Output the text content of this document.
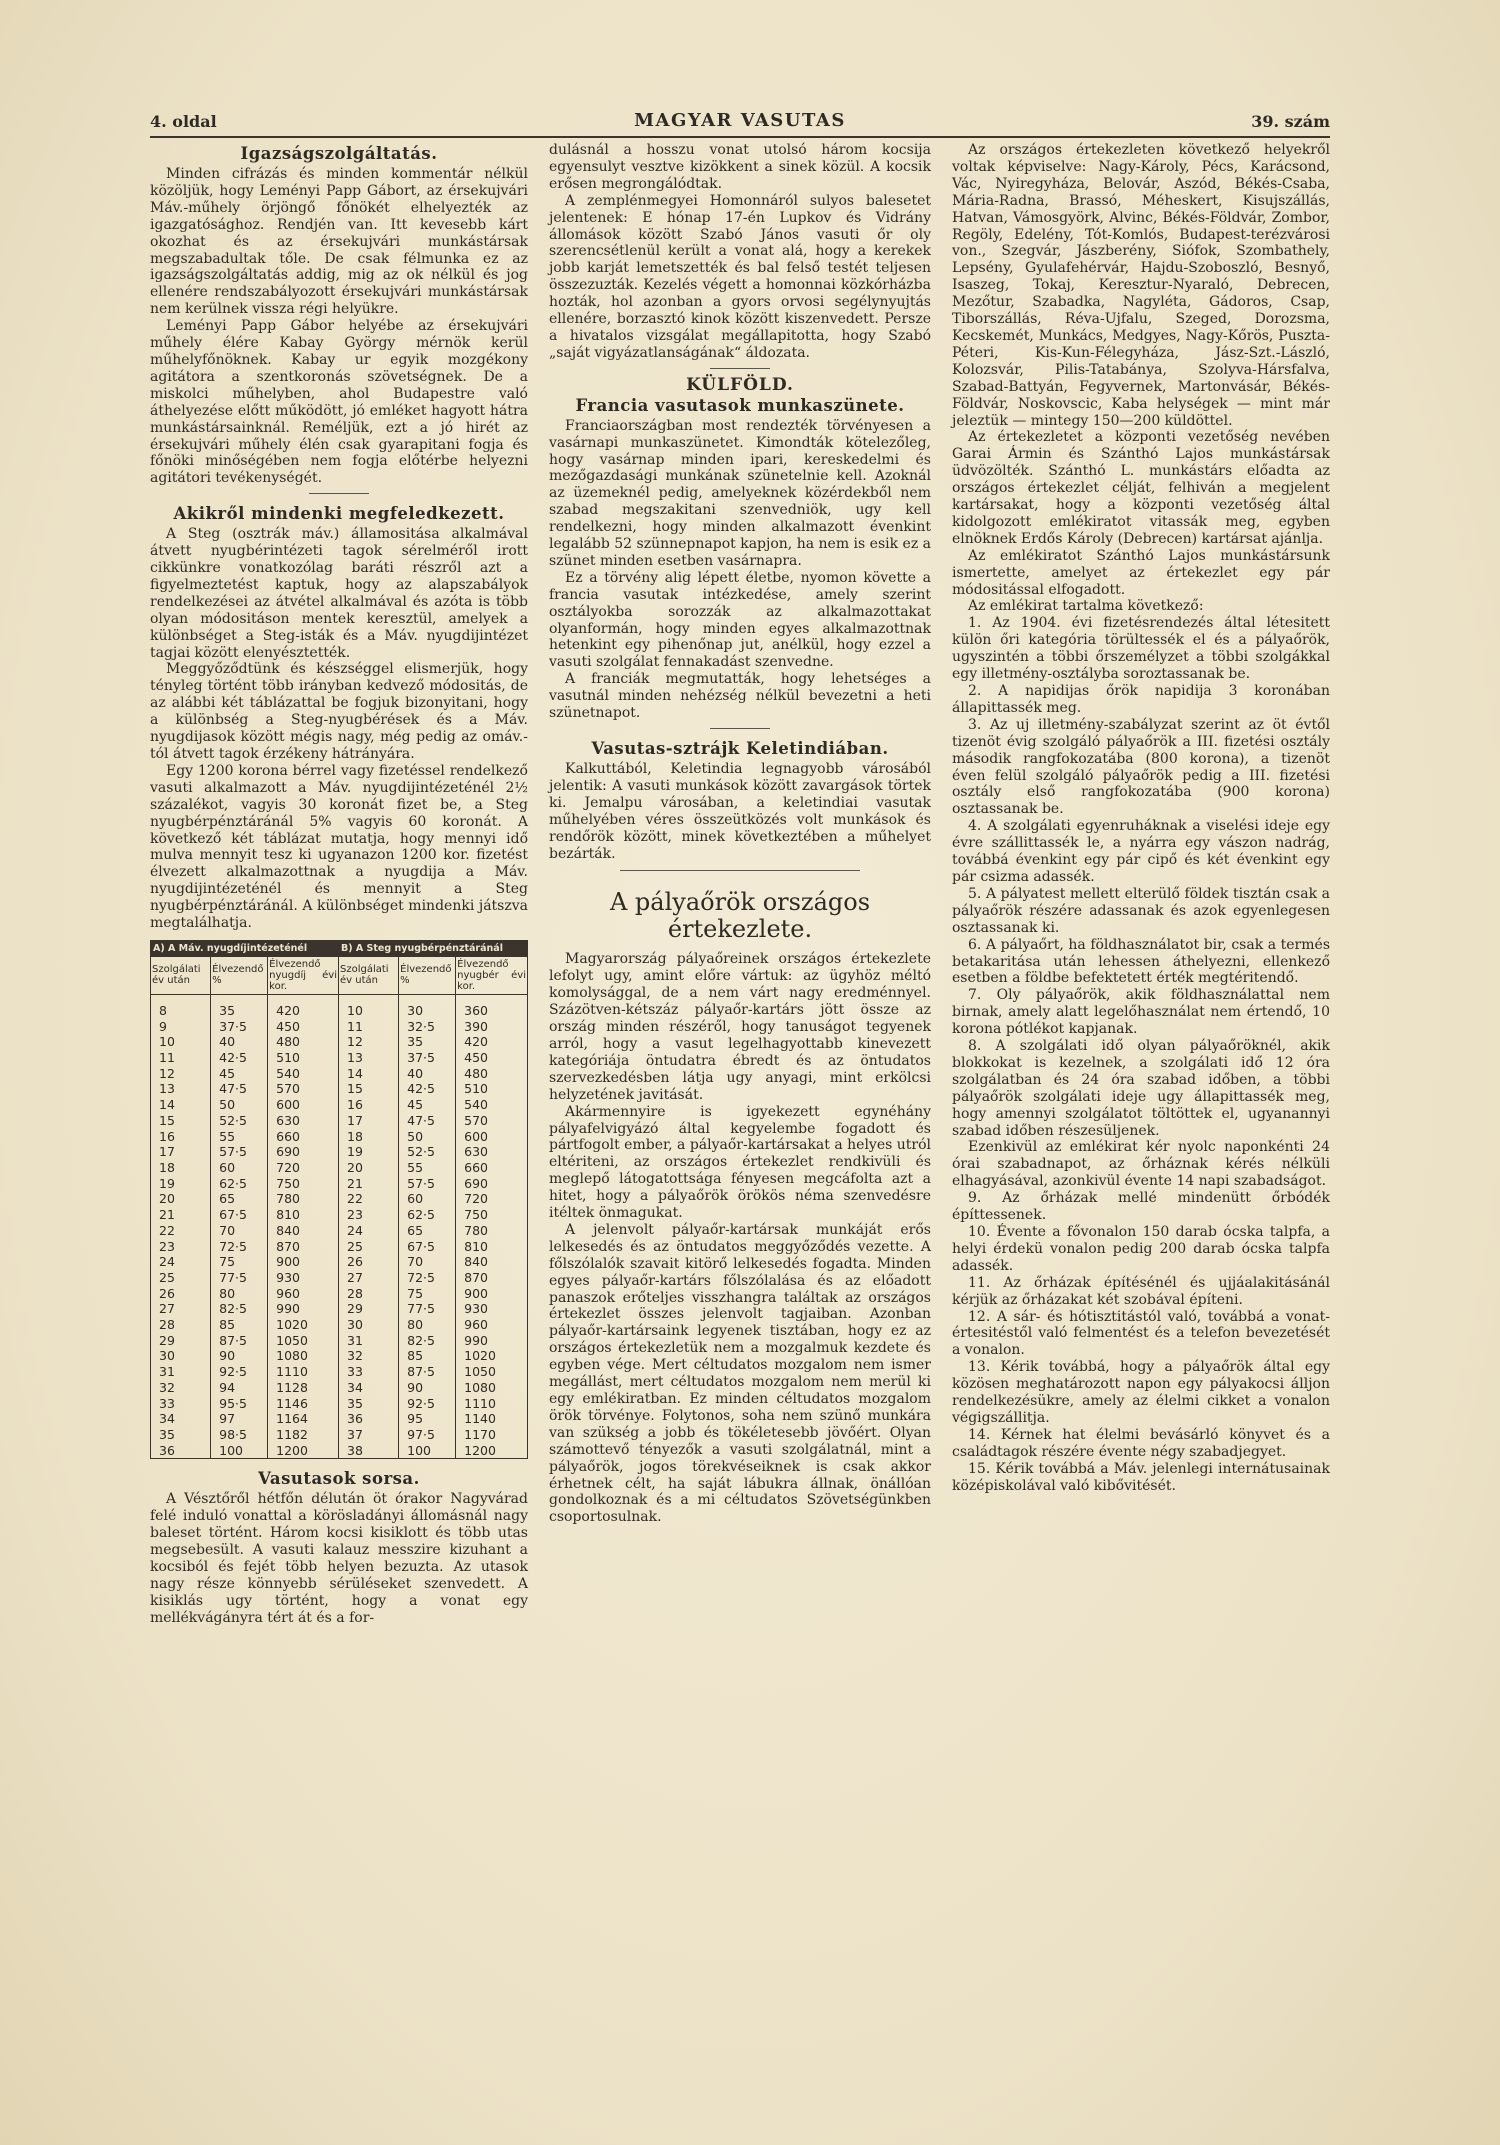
4. oldal	MAGYAR VASUTAS	39. szám
Igazságszolgáltatás.

Minden cifrázás és minden kommentár nélkül közöljük, hogy Leményi Papp Gábort, az érsekujvári Máv.-műhely örjöngő főnökét elhelyezték az igazgatósághoz. Rendjén van. Itt kevesebb kárt okozhat és az érsekujvári munkástársak megszabadultak tőle. De csak félmunka ez az igazságszolgáltatás addig, mig az ok nélkül és jog ellenére rendszabályozott érsekujvári munkástársak nem kerülnek vissza régi helyükre.

Leményi Papp Gábor helyébe az érsekujvári műhely élére Kabay György mérnök kerül műhelyfőnöknek. Kabay ur egyik mozgékony agitátora a szentkoronás szövetségnek. De a miskolci műhelyben, ahol Budapestre való áthelyezése előtt működött, jó emléket hagyott hátra munkástársainknál. Reméljük, ezt a jó hirét az érsekujvári műhely élén csak gyarapitani fogja és főnöki minőségében nem fogja előtérbe helyezni agitátori tevékenységét.

Akikről mindenki megfeledkezett.

A Steg (osztrák máv.) államositása alkalmával átvett nyugbérintézeti tagok sérelméről irott cikkünkre vonatkozólag baráti részről azt a figyelmeztetést kaptuk, hogy az alapszabályok rendelkezései az átvétel alkalmával és azóta is több olyan módositáson mentek keresztül, amelyek a különbséget a Steg-isták és a Máv. nyugdijintézet tagjai között elenyésztették.

Meggyőződtünk és készséggel elismerjük, hogy tényleg történt több irányban kedvező módositás, de az alábbi két táblázattal be fogjuk bizonyitani, hogy a különbség a Steg-nyugbérések és a Máv. nyugdijasok között mégis nagy, még pedig az omáv.-tól átvett tagok érzékeny hátrányára.

Egy 1200 korona bérrel vagy fizetéssel rendelkező vasuti alkalmazott a Máv. nyugdijintézeténél 2½ százalékot, vagyis 30 koronát fizet be, a Steg nyugbérpénztáránál 5% vagyis 60 koronát. A következő két táblázat mutatja, hogy mennyi idő mulva mennyit tesz ki ugyanazon 1200 kor. fizetést élvezett alkalmazottnak a nyugdija a Máv. nyugdijintézeténél és mennyit a Steg nyugbérpénztáránál. A különbséget mindenki játszva megtalálhatja.

A) A Máv. nyugdíjintézeténél			B) A Steg nyugbérpénztáránál		
Szolgálati év után	Élvezendő %	Élvezendő nyugdíj évi kor.	Szolgálati év után	Élvezendő %	Élvezendő nyugbér évi kor.

8	35	420	10	30	360
9	37·5	450	11	32·5	390
10	40	480	12	35	420
11	42·5	510	13	37·5	450
12	45	540	14	40	480
13	47·5	570	15	42·5	510
14	50	600	16	45	540
15	52·5	630	17	47·5	570
16	55	660	18	50	600
17	57·5	690	19	52·5	630
18	60	720	20	55	660
19	62·5	750	21	57·5	690
20	65	780	22	60	720
21	67·5	810	23	62·5	750
22	70	840	24	65	780
23	72·5	870	25	67·5	810
24	75	900	26	70	840
25	77·5	930	27	72·5	870
26	80	960	28	75	900
27	82·5	990	29	77·5	930
28	85	1020	30	80	960
29	87·5	1050	31	82·5	990
30	90	1080	32	85	1020
31	92·5	1110	33	87·5	1050
32	94	1128	34	90	1080
33	95·5	1146	35	92·5	1110
34	97	1164	36	95	1140
35	98·5	1182	37	97·5	1170
36	100	1200	38	100	1200
Vasutasok sorsa.

A Vésztőről hétfőn délután öt órakor Nagyvárad felé induló vonattal a körösladányi állomásnál nagy baleset történt. Három kocsi kisiklott és több utas megsebesült. A vasuti kalauz messzire kizuhant a kocsiból és fejét több helyen bezuzta. Az utasok nagy része könnyebb sérüléseket szenvedett. A kisiklás ugy történt, hogy a vonat egy mellékvágányra tért át és a for-

dulásnál a hosszu vonat utolsó három kocsija egyensulyt vesztve kizökkent a sinek közül. A kocsik erősen megrongálódtak.

A zemplénmegyei Homonnáról sulyos balesetet jelentenek: E hónap 17-én Lupkov és Vidrány állomások között Szabó János vasuti őr oly szerencsétlenül került a vonat alá, hogy a kerekek jobb karját lemetszették és bal felső testét teljesen összezuzták. Kezelés végett a homonnai közkórházba hozták, hol azonban a gyors orvosi segélynyujtás ellenére, borzasztó kinok között kiszenvedett. Persze a hivatalos vizsgálat megállapitotta, hogy Szabó „saját vigyázatlanságának“ áldozata.

KÜLFÖLD.
Francia vasutasok munkaszünete.

Franciaországban most rendezték törvényesen a vasárnapi munkaszünetet. Kimondták kötelezőleg, hogy vasárnap minden ipari, kereskedelmi és mezőgazdasági munkának szünetelnie kell. Azoknál az üzemeknél pedig, amelyeknek közérdekből nem szabad megszakitani szenvedniök, ugy kell rendelkezni, hogy minden alkalmazott évenkint legalább 52 szünnepnapot kapjon, ha nem is esik ez a szünet minden esetben vasárnapra.

Ez a törvény alig lépett életbe, nyomon követte a francia vasutak intézkedése, amely szerint osztályokba sorozzák az alkalmazottakat olyanformán, hogy minden egyes alkalmazottnak hetenkint egy pihenőnap jut, anélkül, hogy ezzel a vasuti szolgálat fennakadást szenvedne.

A franciák megmutatták, hogy lehetséges a vasutnál minden nehézség nélkül bevezetni a heti szünetnapot.

Vasutas-sztrájk Keletindiában.

Kalkuttából, Keletindia legnagyobb városából jelentik: A vasuti munkások között zavargások törtek ki. Jemalpu városában, a keletindiai vasutak műhelyében véres összeütközés volt munkások és rendőrök között, minek következtében a műhelyet bezárták.

A pályaőrök országos értekezlete.

Magyarország pályaőreinek országos értekezlete lefolyt ugy, amint előre vártuk: az ügyhöz méltó komolysággal, de a nem várt nagy eredménnyel. Százötven-kétszáz pályaőr-kartárs jött össze az ország minden részéről, hogy tanuságot tegyenek arról, hogy a vasut legelhagyottabb kinevezett kategóriája öntudatra ébredt és az öntudatos szervezkedésben látja ugy anyagi, mint erkölcsi helyzetének javitását.

Akármennyire is igyekezett egynéhány pályafelvigyázó által kegyelembe fogadott és pártfogolt ember, a pályaőr-kartársakat a helyes utról eltériteni, az országos értekezlet rendkivüli és meglepő látogatottsága fényesen megcáfolta azt a hitet, hogy a pályaőrök örökös néma szenvedésre itéltek önmagukat.

A jelenvolt pályaőr-kartársak munkáját erős lelkesedés és az öntudatos meggyőződés vezette. A főlszólalók szavait kitörő lelkesedés fogadta. Minden egyes pályaőr-kartárs főlszólalása és az előadott panaszok erőteljes visszhangra találtak az országos értekezlet összes jelenvolt tagjaiban. Azonban pályaőr-kartársaink legyenek tisztában, hogy ez az országos értekezletük nem a mozgalmuk kezdete és egyben vége. Mert céltudatos mozgalom nem ismer megállást, mert céltudatos mozgalom nem merül ki egy emlékiratban. Ez minden céltudatos mozgalom örök törvénye. Folytonos, soha nem szünő munkára van szükség a jobb és tökéletesebb jövőért. Olyan számottevő tényezők a vasuti szolgálatnál, mint a pályaőrök, jogos törekvéseiknek is csak akkor érhetnek célt, ha saját lábukra állnak, önállóan gondolkoznak és a mi céltudatos Szövetségünkben csoportosulnak.

Az országos értekezleten következő helyekről voltak képviselve: Nagy-Károly, Pécs, Karácsond, Vác, Nyiregyháza, Belovár, Aszód, Békés-Csaba, Mária-Radna, Brassó, Méheskert, Kisujszállás, Hatvan, Vámosgyörk, Alvinc, Békés-Földvár, Zombor, Regöly, Edelény, Tót-Komlós, Budapest-terézvárosi von., Szegvár, Jászberény, Siófok, Szombathely, Lepsény, Gyulafehérvár, Hajdu-Szoboszló, Besnyő, Isaszeg, Tokaj, Keresztur-Nyaraló, Debrecen, Mezőtur, Szabadka, Nagyléta, Gádoros, Csap, Tiborszállás, Réva-Ujfalu, Szeged, Dorozsma, Kecskemét, Munkács, Medgyes, Nagy-Kőrös, Puszta-Péteri, Kis-Kun-Félegyháza, Jász-Szt.-László, Kolozsvár, Pilis-Tatabánya, Szolyva-Hársfalva, Szabad-Battyán, Fegyvernek, Martonvásár, Békés-Földvár, Noskovscic, Kaba helységek — mint már jeleztük — mintegy 150—200 küldöttel.

Az értekezletet a központi vezetőség nevében Garai Ármin és Szánthó Lajos munkástársak üdvözölték. Szánthó L. munkástárs előadta az országos értekezlet célját, felhiván a megjelent kartársakat, hogy a központi vezetőség által kidolgozott emlékiratot vitassák meg, egyben elnöknek Erdős Károly (Debrecen) kartársat ajánlja.

Az emlékiratot Szánthó Lajos munkástársunk ismertette, amelyet az értekezlet egy pár módositással elfogadott.

Az emlékirat tartalma következő:

1. Az 1904. évi fizetésrendezés által létesitett külön őri kategória törültessék el és a pályaőrök, ugyszintén a többi őrszemélyzet a többi szolgákkal egy illetmény-osztályba soroztassanak be.

2. A napidijas őrök napidija 3 koronában állapittassék meg.

3. Az uj illetmény-szabályzat szerint az öt évtől tizenöt évig szolgáló pályaőrök a III. fizetési osztály második rangfokozatába (800 korona), a tizenöt éven felül szolgáló pályaőrök pedig a III. fizetési osztály első rangfokozatába (900 korona) osztassanak be.

4. A szolgálati egyenruháknak a viselési ideje egy évre szállittassék le, a nyárra egy vászon nadrág, továbbá évenkint egy pár cipő és két évenkint egy pár csizma adassék.

5. A pályatest mellett elterülő földek tisztán csak a pályaőrök részére adassanak és azok egyenlegesen osztassanak ki.

6. A pályaőrt, ha földhasználatot bir, csak a termés betakaritása után lehessen áthelyezni, ellenkező esetben a földbe befektetett érték megtéritendő.

7. Oly pályaőrök, akik földhasználattal nem birnak, amely alatt legelőhasználat nem értendő, 10 korona pótlékot kapjanak.

8. A szolgálati idő olyan pályaőröknél, akik blokkokat is kezelnek, a szolgálati idő 12 óra szolgálatban és 24 óra szabad időben, a többi pályaőrök szolgálati ideje ugy állapittassék meg, hogy amennyi szolgálatot töltöttek el, ugyanannyi szabad időben részesüljenek.

Ezenkivül az emlékirat kér nyolc naponkénti 24 órai szabadnapot, az őrháznak kérés nélküli elhagyásával, azonkivül évente 14 napi szabadságot.

9. Az őrházak mellé mindenütt őrbódék építtessenek.

10. Évente a fővonalon 150 darab ócska talpfa, a helyi érdekü vonalon pedig 200 darab ócska talpfa adassék.

11. Az őrházak építésénél és ujjáalakitásánál kérjük az őrházakat két szobával építeni.

12. A sár- és hótisztitástól való, továbbá a vonat-értesitéstől való felmentést és a telefon bevezetését a vonalon.

13. Kérik továbbá, hogy a pályaőrök által egy közösen meghatározott napon egy pályakocsi álljon rendelkezésükre, amely az élelmi cikket a vonalon végigszállitja.

14. Kérnek hat élelmi bevásárló könyvet és a családtagok részére évente négy szabadjegyet.

15. Kérik továbbá a Máv. jelenlegi internátusainak középiskolával való kibővitését.
